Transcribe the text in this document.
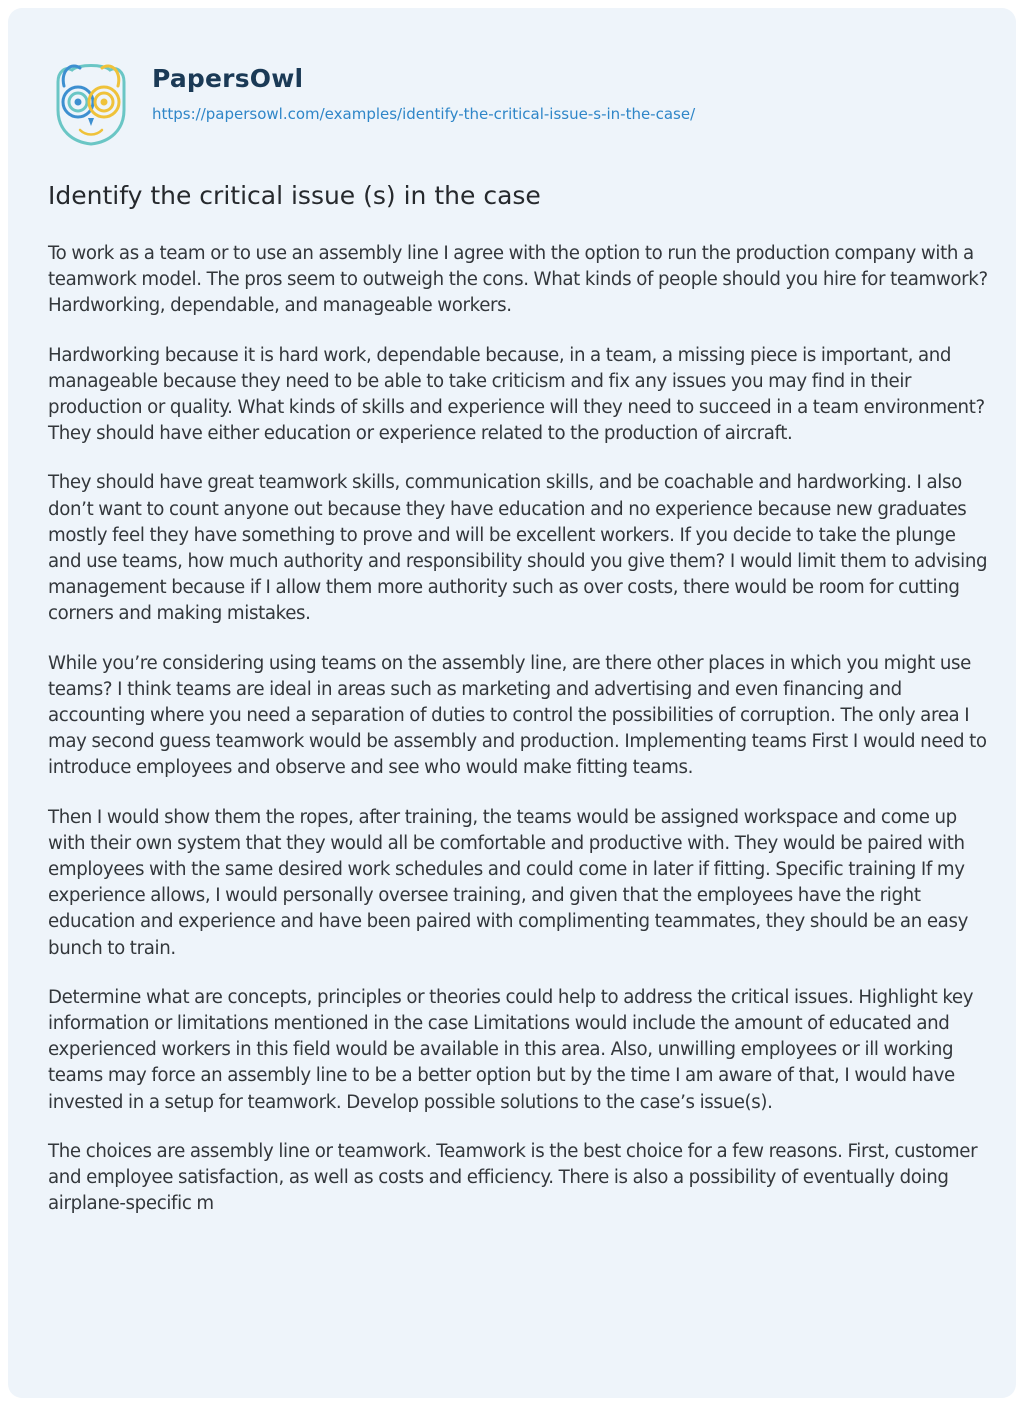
PapersOwl
https://papersowl.com/examples/identify-the-critical-issue-s-in-the-case/
Identify the critical issue (s) in the case

To work as a team or to use an assembly line I agree with the option to run the production company with a teamwork model. The pros seem to outweigh the cons. What kinds of people should you hire for teamwork? Hardworking, dependable, and manageable workers.

Hardworking because it is hard work, dependable because, in a team, a missing piece is important, and manageable because they need to be able to take criticism and fix any issues you may find in their production or quality. What kinds of skills and experience will they need to succeed in a team environment? They should have either education or experience related to the production of aircraft.

They should have great teamwork skills, communication skills, and be coachable and hardworking. I also don’t want to count anyone out because they have education and no experience because new graduates mostly feel they have something to prove and will be excellent workers. If you decide to take the plunge and use teams, how much authority and responsibility should you give them? I would limit them to advising management because if I allow them more authority such as over costs, there would be room for cutting corners and making mistakes.

While you’re considering using teams on the assembly line, are there other places in which you might use teams? I think teams are ideal in areas such as marketing and advertising and even financing and accounting where you need a separation of duties to control the possibilities of corruption. The only area I may second guess teamwork would be assembly and production. Implementing teams First I would need to introduce employees and observe and see who would make fitting teams.

Then I would show them the ropes, after training, the teams would be assigned workspace and come up with their own system that they would all be comfortable and productive with. They would be paired with employees with the same desired work schedules and could come in later if fitting. Specific training If my experience allows, I would personally oversee training, and given that the employees have the right education and experience and have been paired with complimenting teammates, they should be an easy bunch to train.

Determine what are concepts, principles or theories could help to address the critical issues. Highlight key information or limitations mentioned in the case Limitations would include the amount of educated and experienced workers in this field would be available in this area. Also, unwilling employees or ill working teams may force an assembly line to be a better option but by the time I am aware of that, I would have invested in a setup for teamwork. Develop possible solutions to the case’s issue(s).

The choices are assembly line or teamwork. Teamwork is the best choice for a few reasons. First, customer and employee satisfaction, as well as costs and efficiency. There is also a possibility of eventually doing airplane-specific m
